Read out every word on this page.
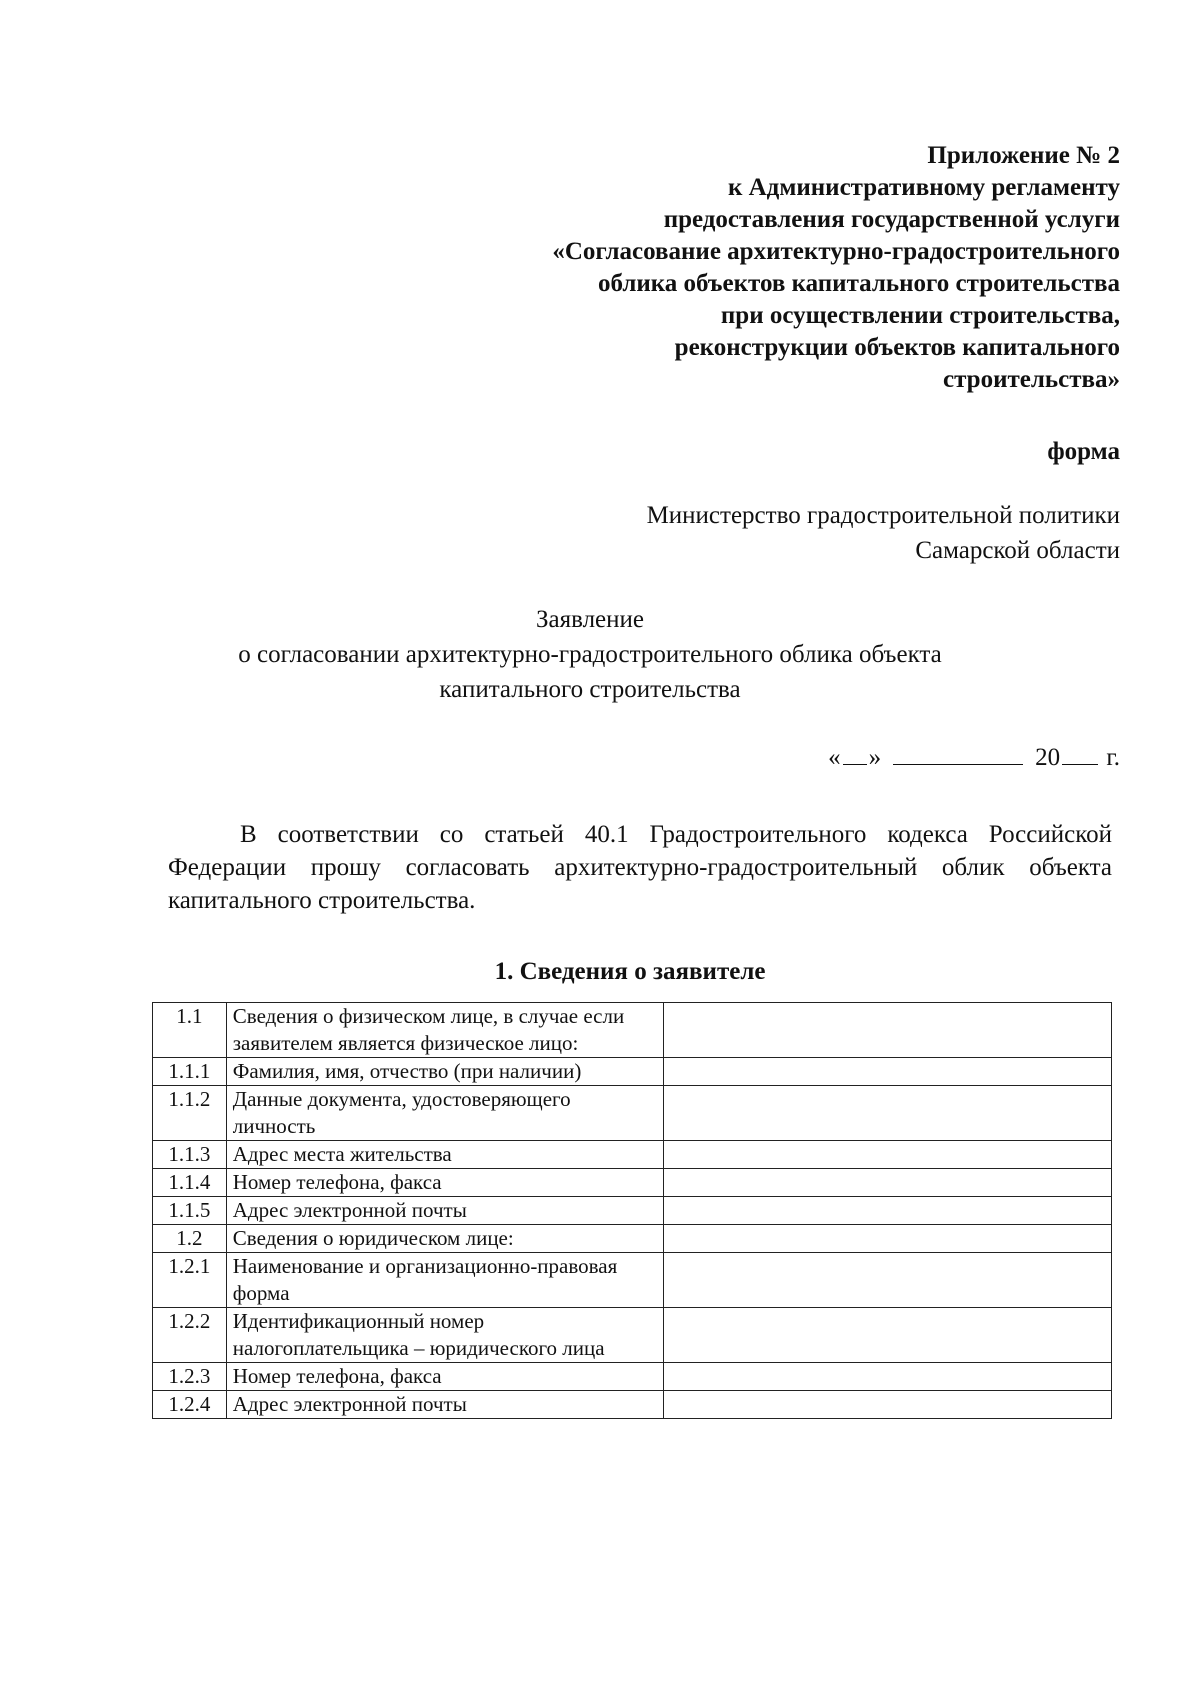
Приложение № 2
к Административному регламенту
предоставления государственной услуги
«Согласование архитектурно-градостроительного
облика объектов капитального строительства
при осуществлении строительства,
реконструкции объектов капитального
строительства»
форма
Министерство градостроительной политики
Самарской области
Заявление
о согласовании архитектурно-градостроительного облика объекта
капитального строительства
« »	20 г.
В соответствии со статьей 40.1 Градостроительного кодекса Российской Федерации прошу согласовать архитектурно-градостроительный облик объекта капитального строительства.
1. Сведения о заявителе
1.1	Сведения о физическом лице, в случае если заявителем является физическое лицо:	
1.1.1	Фамилия, имя, отчество (при наличии)	
1.1.2	Данные документа, удостоверяющего личность	
1.1.3	Адрес места жительства	
1.1.4	Номер телефона, факса	
1.1.5	Адрес электронной почты	
1.2	Сведения о юридическом лице:	
1.2.1	Наименование и организационно-правовая форма	
1.2.2	Идентификационный номер налогоплательщика – юридического лица	
1.2.3	Номер телефона, факса	
1.2.4	Адрес электронной почты	
